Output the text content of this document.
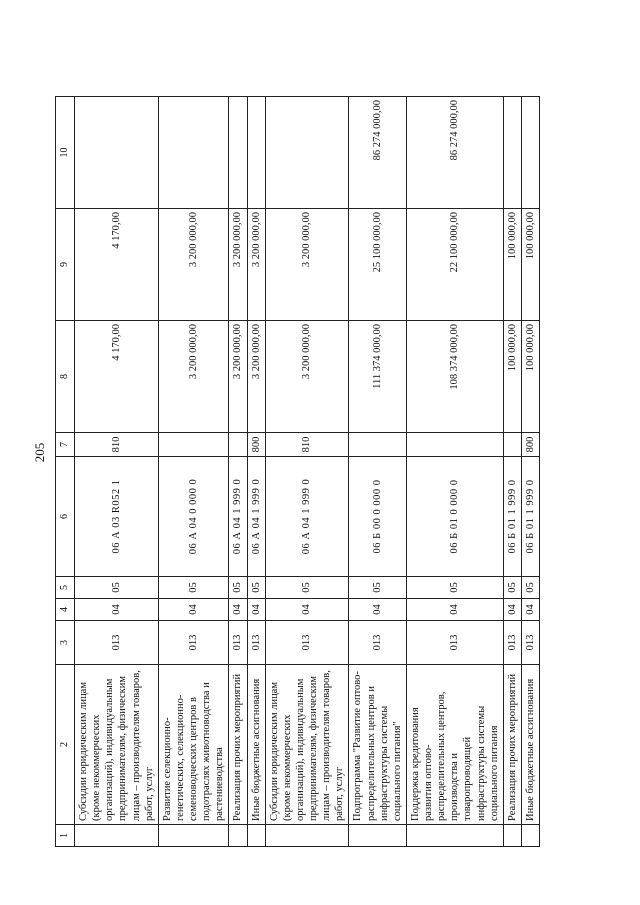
205
1	2	3	4	5	6	7	8	9	10
	Субсидии юридическим лицам (кроме некоммерческих организаций), индивидуальным предпринимателям, физическим лицам – производителям товаров, работ, услуг	013	04	05	06 А 03 R052 1	810	4 170,00	4 170,00	
	Развитие селекционно-генетических, селекционно-семеноводческих центров в подотраслях животноводства и растениеводства	013	04	05	06 А 04 0 000 0		3 200 000,00	3 200 000,00	
	Реализация прочих мероприятий	013	04	05	06 А 04 1 999 0		3 200 000,00	3 200 000,00	
	Иные бюджетные ассигнования	013	04	05	06 А 04 1 999 0	800	3 200 000,00	3 200 000,00	
	Субсидии юридическим лицам (кроме некоммерческих организаций), индивидуальным предпринимателям, физическим лицам – производителям товаров, работ, услуг	013	04	05	06 А 04 1 999 0	810	3 200 000,00	3 200 000,00	
	Подпрограмма "Развитие оптово-распределительных центров и инфраструктуры системы социального питания"	013	04	05	06 Б 00 0 000 0		111 374 000,00	25 100 000,00	86 274 000,00
	Поддержка кредитования развития оптово-распределительных центров, производства и товаропроводящей инфраструктуры системы социального питания	013	04	05	06 Б 01 0 000 0		108 374 000,00	22 100 000,00	86 274 000,00
	Реализация прочих мероприятий	013	04	05	06 Б 01 1 999 0		100 000,00	100 000,00	
	Иные бюджетные ассигнования	013	04	05	06 Б 01 1 999 0	800	100 000,00	100 000,00	
